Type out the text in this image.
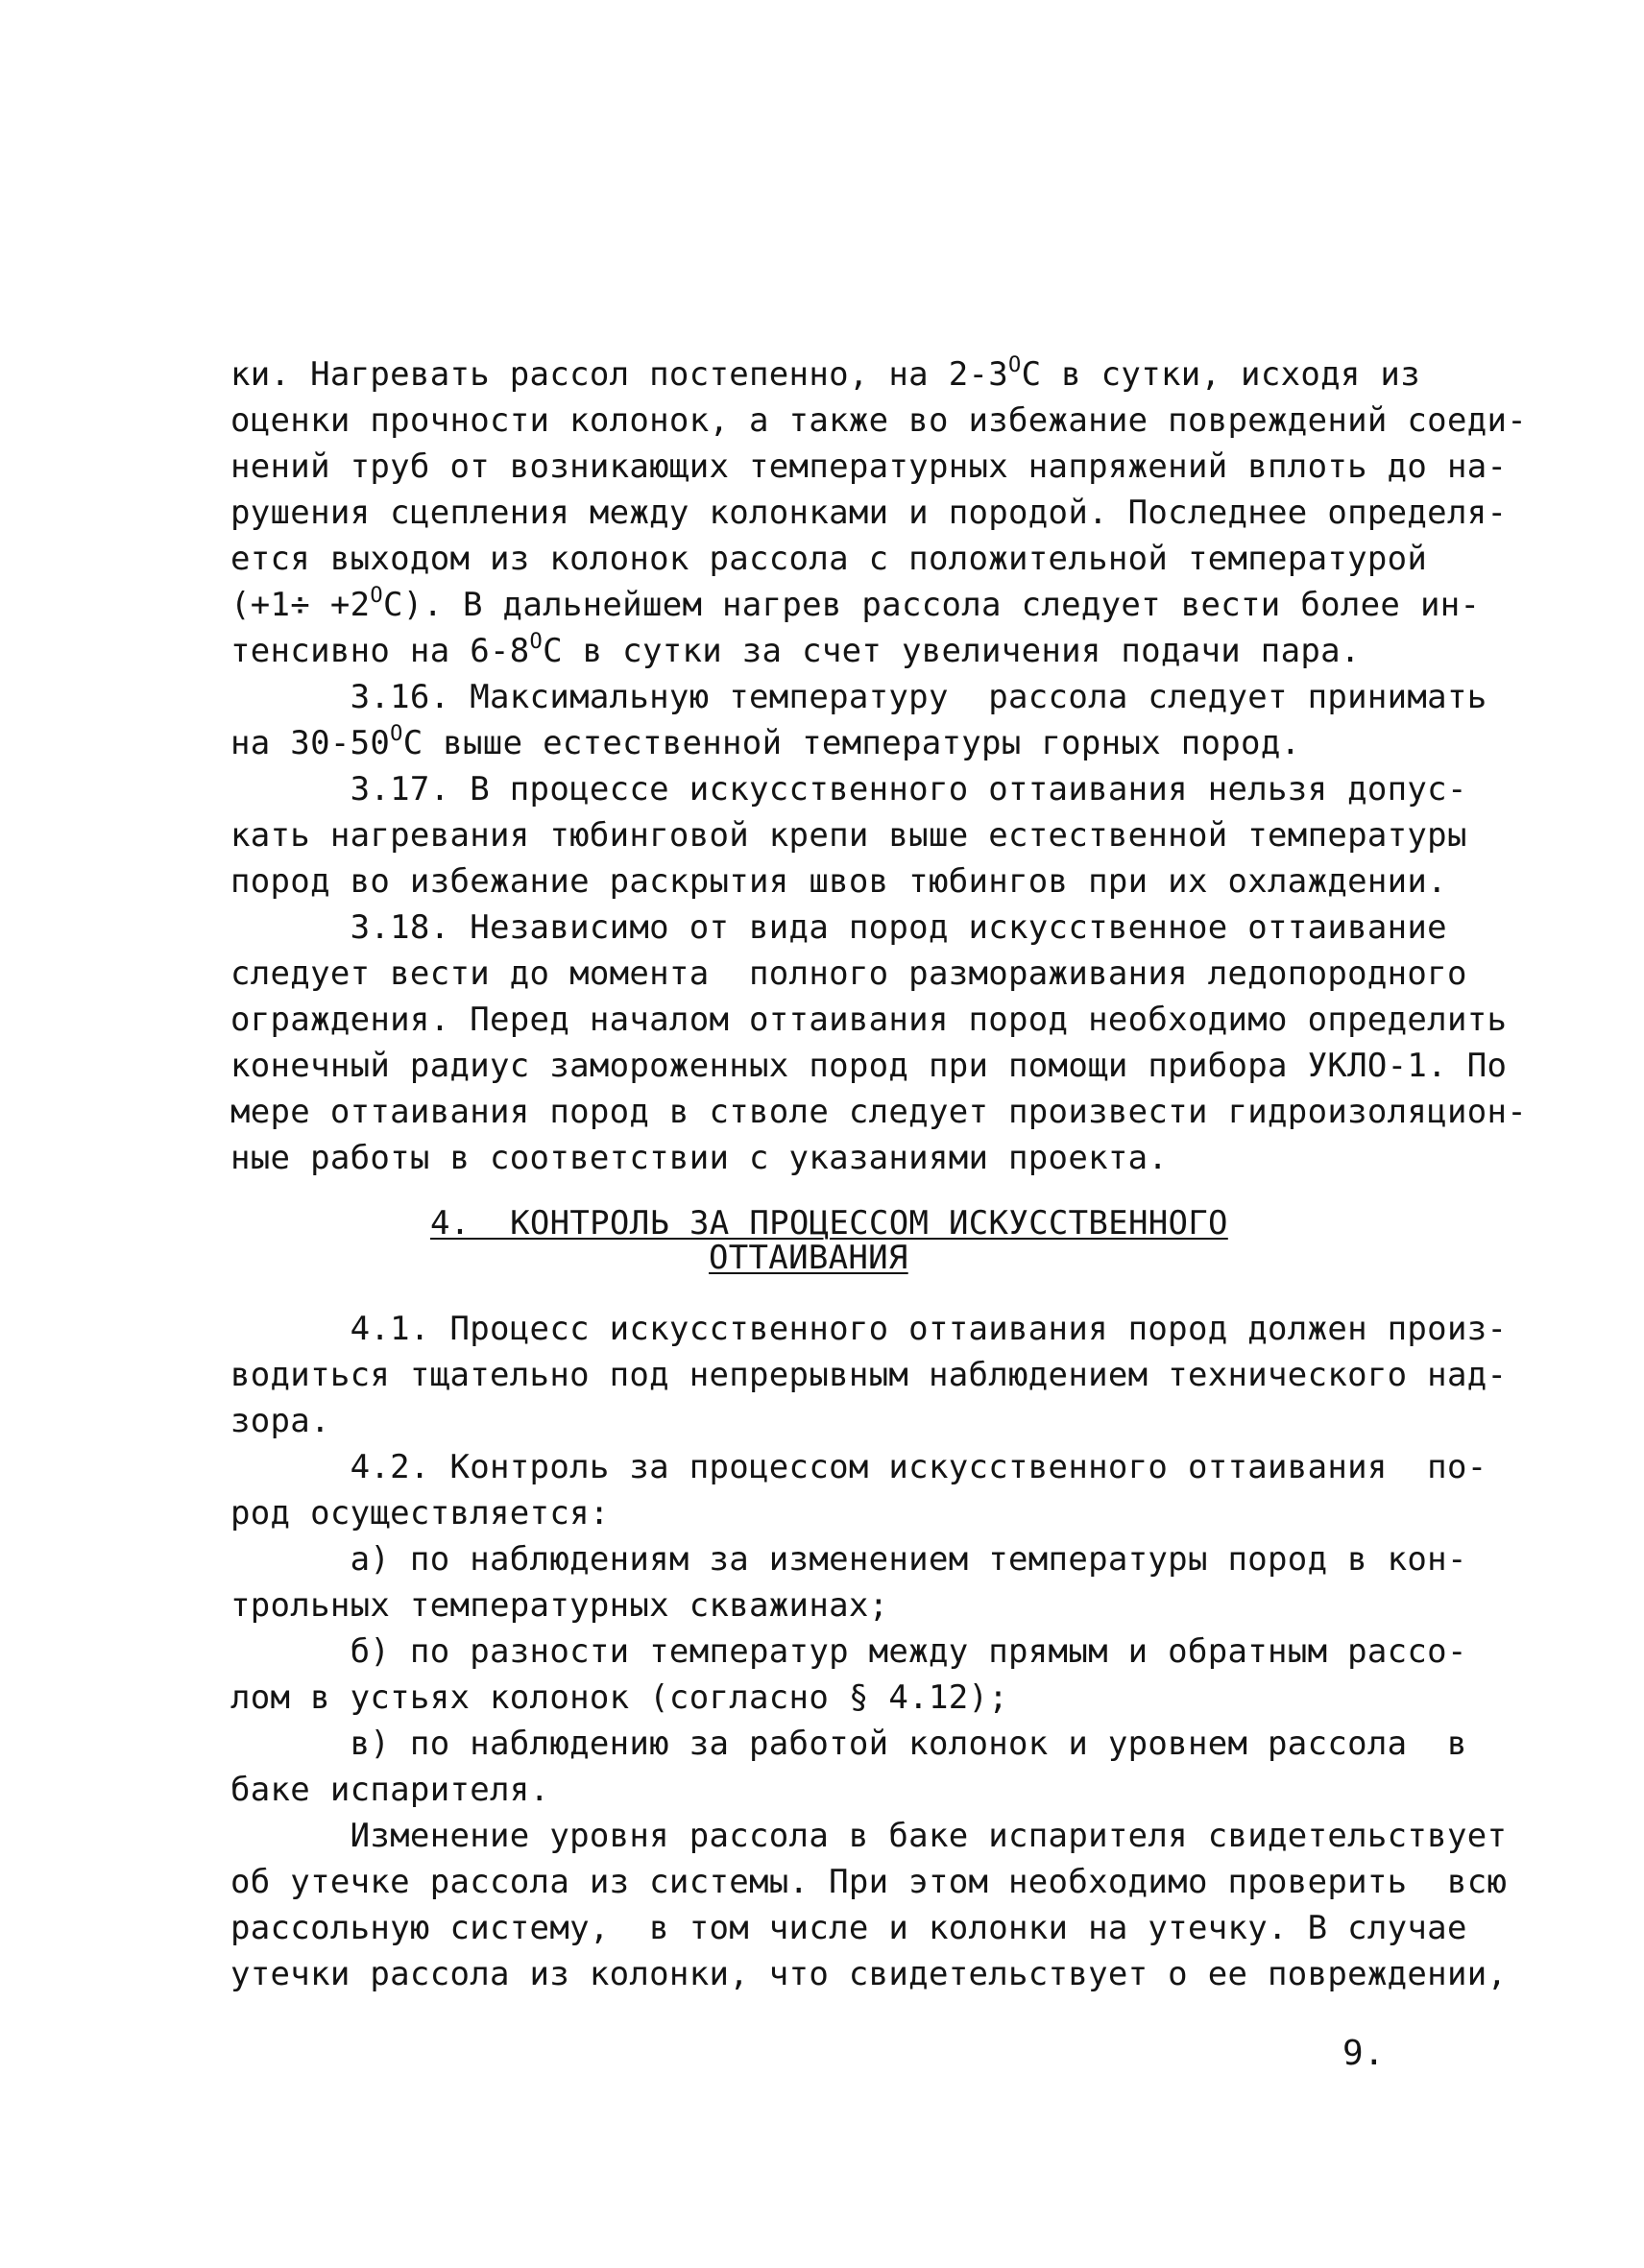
ки. Нагревать рассол постепенно, на $2-3^ОС$ в сутки, исходя из
оценки прочности колонок, а также во избежание повреждений соеди-
нений труб от возникающих температурных напряжений вплоть до на-
рушения сцепления между колонками и породой. Последнее определя-
ется выходом из колонок рассола с положительной температурой
$(+1\div +2^ОС)$. В дальнейшем нагрев рассола следует вести более ин-
тенсивно на $6-8^ОС$ в сутки за счет увеличения подачи пара.
3.16. Максимальную температуру  рассола следует принимать
на $30-50^ОС$ выше естественной температуры горных пород.
3.17. В процессе искусственного оттаивания нельзя допус-
кать нагревания тюбинговой крепи выше естественной температуры
пород во избежание раскрытия швов тюбингов при их охлаждении.
3.18. Независимо от вида пород искусственное оттаивание
следует вести до момента  полного размораживания ледопородного
ограждения. Перед началом оттаивания пород необходимо определить
конечный радиус замороженных пород при помощи прибора УКЛО-1. По
мере оттаивания пород в стволе следует произвести гидроизоляцион-
ные работы в соответствии с указаниями проекта.
4.  КОНТРОЛЬ ЗА ПРОЦЕССОМ ИСКУССТВЕННОГО
ОТТАИВАНИЯ
4.1. Процесс искусственного оттаивания пород должен произ-
водиться тщательно под непрерывным наблюдением технического над-
зора.
4.2. Контроль за процессом искусственного оттаивания  по-
род осуществляется:
а) по наблюдениям за изменением температуры пород в кон-
трольных температурных скважинах;
б) по разности температур между прямым и обратным рассо-
лом в устьях колонок (согласно § 4.12);
в) по наблюдению за работой колонок и уровнем рассола  в
баке испарителя.
Изменение уровня рассола в баке испарителя свидетельствует
об утечке рассола из системы. При этом необходимо проверить  всю
рассольную систему,  в том числе и колонки на утечку. В случае
утечки рассола из колонки, что свидетельствует о ее повреждении,
9.
